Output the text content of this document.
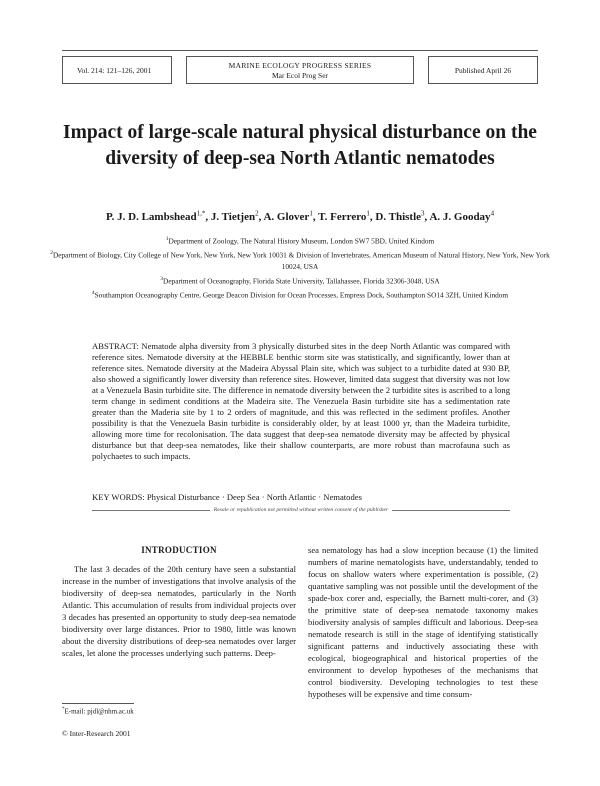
Vol. 214: 121–126, 2001	MARINE ECOLOGY PROGRESS SERIES
Mar Ecol Prog Ser
Published April 26
Impact of large-scale natural physical disturbance on the diversity of deep-sea North Atlantic nematodes
P. J. D. Lambshead$^{1,*}$, J. Tietjen$^2$, A. Glover$^1$, T. Ferrero$^1$, D. Thistle$^3$, A. J. Gooday$^4$

$^1$Department of Zoology, The Natural History Museum, London SW7 5BD, United Kindom

$^2$Department of Biology, City College of New York, New York, New York 10031 & Division of Invertebrates, American Museum of Natural History, New York, New York 10024, USA

$^3$Department of Oceanography, Florida State University, Tallahassee, Florida 32306-3048, USA

$^4$Southampton Oceanography Centre, George Deacon Division for Ocean Processes, Empress Dock, Southampton SO14 3ZH, United Kindom

ABSTRACT: Nematode alpha diversity from 3 physically disturbed sites in the deep North Atlantic was compared with reference sites. Nematode diversity at the HEBBLE benthic storm site was statistically, and significantly, lower than at reference sites. Nematode diversity at the Madeira Abyssal Plain site, which was subject to a turbidite dated at 930 BP, also showed a significantly lower diversity than reference sites. However, limited data suggest that diversity was not low at a Venezuela Basin turbidite site. The difference in nematode diversity between the 2 turbidite sites is ascribed to a long term change in sediment conditions at the Madeira site. The Venezuela Basin turbidite site has a sedimentation rate greater than the Maderia site by 1 to 2 orders of magnitude, and this was reflected in the sediment profiles. Another possibility is that the Venezuela Basin turbidite is considerably older, by at least 1000 yr, than the Madeira turbidite, allowing more time for recolonisation. The data suggest that deep-sea nematode diversity may be affected by physical disturbance but that deep-sea nematodes, like their shallow counterparts, are more robust than macrofauna such as polychaetes to such impacts.
KEY WORDS: Physical Disturbance · Deep Sea · North Atlantic · Nematodes
Resale or republication not permitted without written consent of the publisher
INTRODUCTION

The last 3 decades of the 20th century have seen a substantial increase in the number of investigations that involve analysis of the biodiversity of deep-sea nematodes, particularly in the North Atlantic. This accumulation of results from individual projects over 3 decades has presented an opportunity to study deep-sea nematode biodiversity over large distances. Prior to 1980, little was known about the diversity distributions of deep-sea nematodes over larger scales, let alone the processes underlying such patterns. Deep-

sea nematology has had a slow inception because (1) the limited numbers of marine nematologists have, understandably, tended to focus on shallow waters where experimentation is possible, (2) quantative sampling was not possible until the development of the spade-box corer and, especially, the Barnett multi-corer, and (3) the primitive state of deep-sea nematode taxonomy makes biodiversity analysis of samples difficult and laborious. Deep-sea nematode research is still in the stage of identifying statistically significant patterns and inductively associating these with ecological, biogeographical and historical properties of the environment to develop hypotheses of the mechanisms that control biodiversity. Developing technologies to test these hypotheses will be expensive and time consum-

*E-mail: pjdl@nhm.ac.uk
© Inter-Research 2001
